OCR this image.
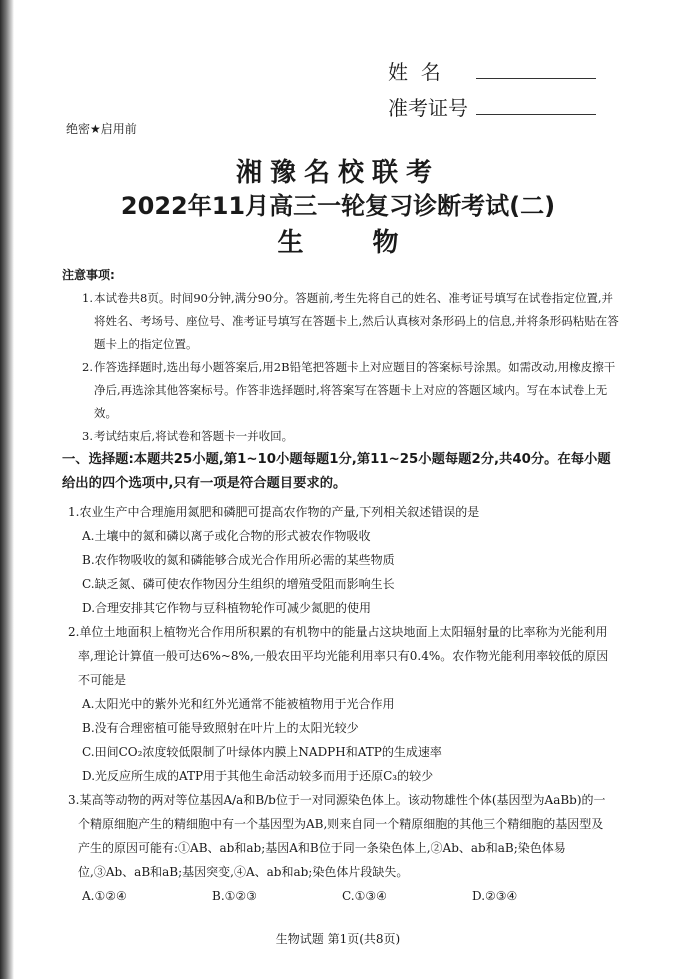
姓  名
准考证号
绝密★启用前
湘豫名校联考
2022年11月高三一轮复习诊断考试(二)
生 物
注意事项:
1.本试卷共8页。时间90分钟,满分90分。答题前,考生先将自己的姓名、准考证号填写在试卷指定位置,并将姓名、考场号、座位号、准考证号填写在答题卡上,然后认真核对条形码上的信息,并将条形码粘贴在答题卡上的指定位置。
2.作答选择题时,选出每小题答案后,用2B铅笔把答题卡上对应题目的答案标号涂黑。如需改动,用橡皮擦干净后,再选涂其他答案标号。作答非选择题时,将答案写在答题卡上对应的答题区域内。写在本试卷上无效。
3.考试结束后,将试卷和答题卡一并收回。
一、选择题:本题共25小题,第1~10小题每题1分,第11~25小题每题2分,共40分。在每小题给出的四个选项中,只有一项是符合题目要求的。
1.农业生产中合理施用氮肥和磷肥可提高农作物的产量,下列相关叙述错误的是
A.土壤中的氮和磷以离子或化合物的形式被农作物吸收
B.农作物吸收的氮和磷能够合成光合作用所必需的某些物质
C.缺乏氮、磷可使农作物因分生组织的增殖受阻而影响生长
D.合理安排其它作物与豆科植物轮作可减少氮肥的使用
2.单位土地面积上植物光合作用所积累的有机物中的能量占这块地面上太阳辐射量的比率称为光能利用率,理论计算值一般可达6%~8%,一般农田平均光能利用率只有0.4%。农作物光能利用率较低的原因不可能是
A.太阳光中的紫外光和红外光通常不能被植物用于光合作用
B.没有合理密植可能导致照射在叶片上的太阳光较少
C.田间CO₂浓度较低限制了叶绿体内膜上NADPH和ATP的生成速率
D.光反应所生成的ATP用于其他生命活动较多而用于还原C₃的较少
3.某高等动物的两对等位基因A/a和B/b位于一对同源染色体上。该动物雄性个体(基因型为AaBb)的一个精原细胞产生的精细胞中有一个基因型为AB,则来自同一个精原细胞的其他三个精细胞的基因型及产生的原因可能有:①AB、ab和ab;基因A和B位于同一条染色体上,②Ab、ab和aB;染色体易位,③Ab、aB和aB;基因突变,④A、ab和ab;染色体片段缺失。
A.①②④	B.①②③	C.①③④	D.②③④
生物试题 第1页(共8页)
